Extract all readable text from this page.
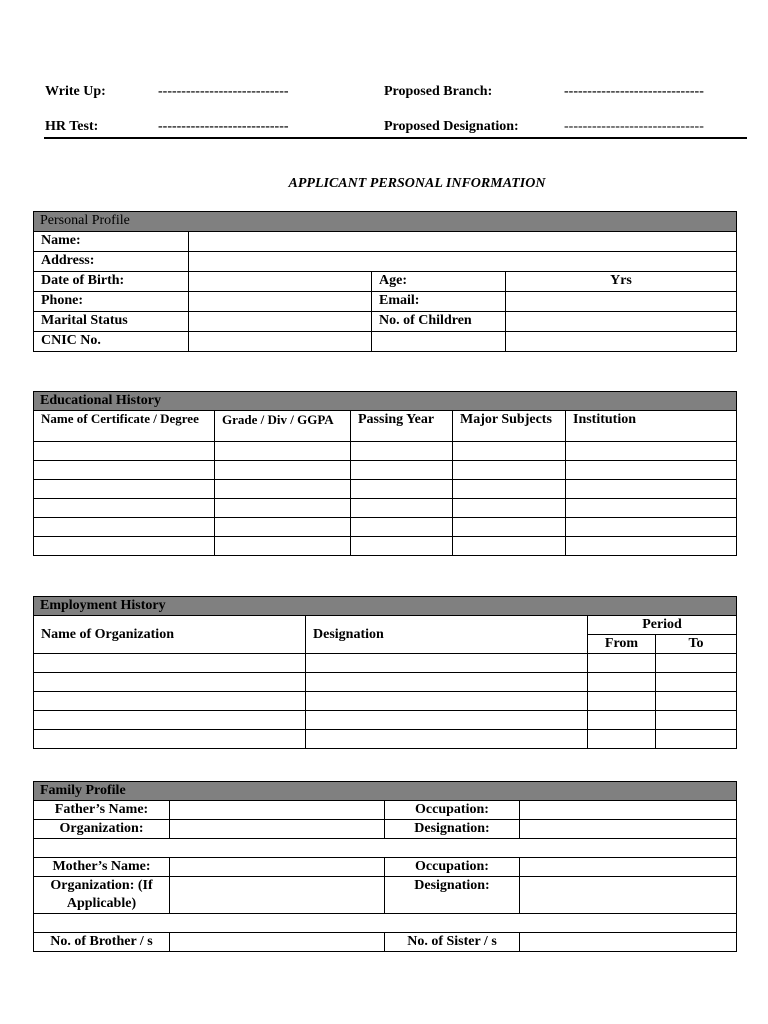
Write Up:	----------------------------	Proposed Branch:	------------------------------
HR Test:	----------------------------	Proposed Designation:	------------------------------
APPLICANT PERSONAL INFORMATION
Personal Profile			
Name:			
Address:			
Date of Birth:		Age:	Yrs
Phone:		Email:	
Marital Status		No. of Children	
CNIC No.			
Educational History				
Name of Certificate / Degree	Grade / Div / GGPA	Passing Year	Major Subjects	Institution

Employment History			
Name of Organization	Designation	Period	
		From	To

Family Profile			
Father’s Name:		Occupation:	
Organization:		Designation:	

Mother’s Name:		Occupation:	
Organization: (If Applicable)		Designation:	

No. of Brother / s		No. of Sister / s	
